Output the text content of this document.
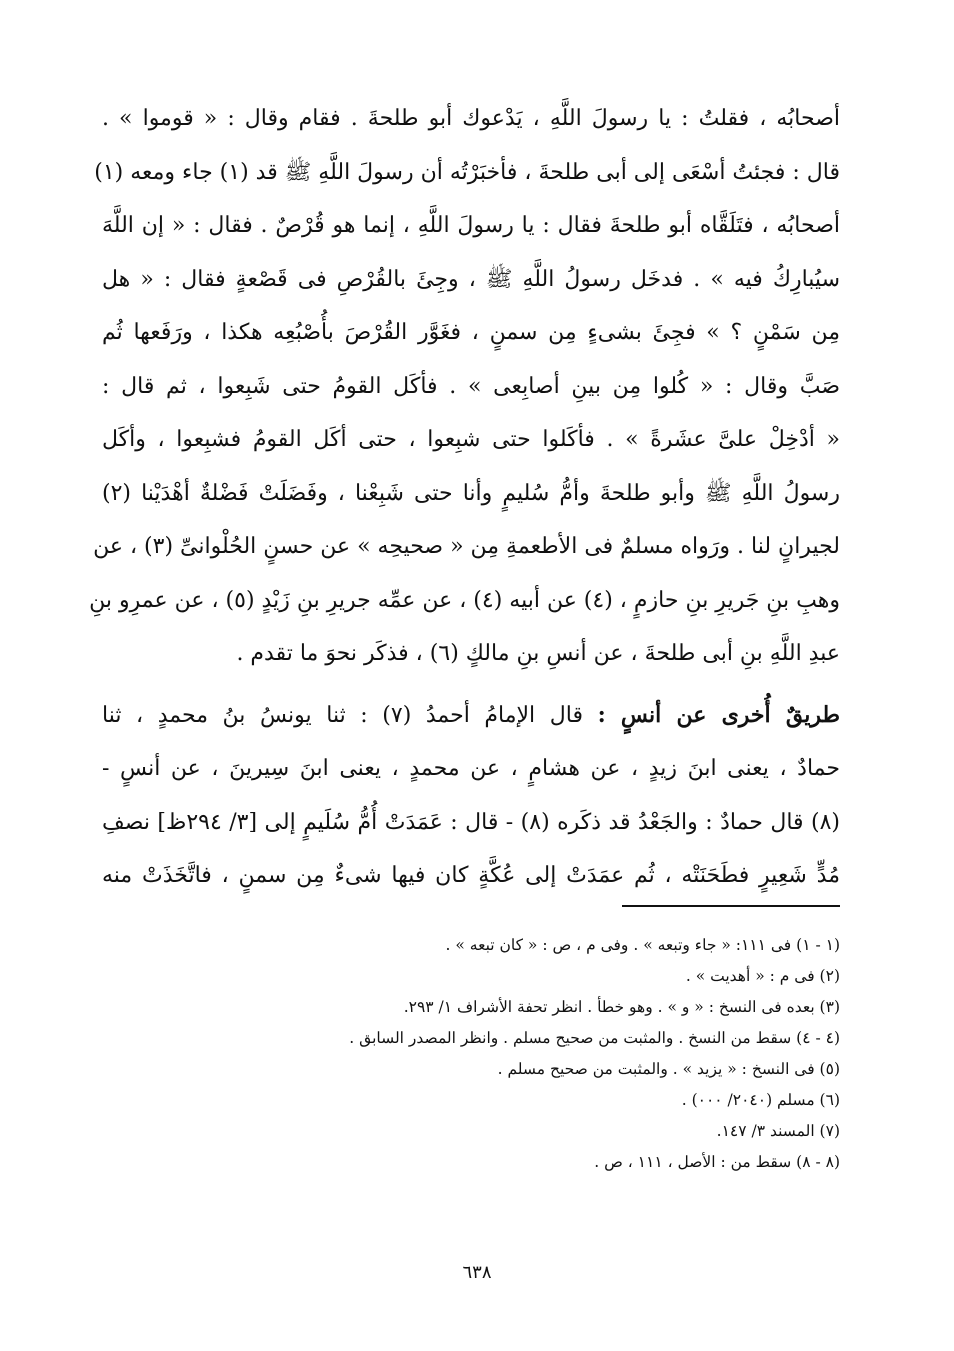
أصحابُه ، فقلتُ : يا رسولَ اللَّهِ ، يَدْعوك أبو طلحةَ . فقام وقال : « قوموا » .
قال : فجئتُ أسْعَى إلى أبى طلحةَ ، فأخبَرْتُه أن رسولَ اللَّهِ ﷺ قد (١) جاء ومعه (١)
أصحابُه ، فتَلَقَّاه أبو طلحةَ فقال : يا رسولَ اللَّهِ ، إنما هو قُرْصٌ . فقال : « إن اللَّهَ
سيُبارِكُ فيه » . فدخَل رسولُ اللَّهِ ﷺ ، وجِئَ بالقُرْصِ فى قَصْعةٍ فقال : « هل
مِن سَمْنٍ ؟ » فجِئَ بشىءٍ مِن سمنٍ ، فغَوَّر القُرْصَ بأُصْبُعِه هكذا ، ورَفَعها ثُم
صَبَّ وقال : « كُلوا مِن بينِ أصابِعى » . فأكَل القومُ حتى شَبِعوا ، ثم قال :
« أدْخِلْ علىَّ عشَرةً » . فأكَلوا حتى شبِعوا ، حتى أكَل القومُ فشبِعوا ، وأكَل
رسولُ اللَّهِ ﷺ وأبو طلحةَ وأمُّ سُليمٍ وأنا حتى شَبِعْنا ، وفَضَلَتْ فَضْلةٌ أهْدَيْنا (٢)
لجيرانٍ لنا . ورَواه مسلمٌ فى الأطعمةِ مِن « صحيحِه » عن حسنٍ الحُلْوانىِّ (٣) ، عن
وهبِ بنِ جَريرِ بنِ حازمٍ ، (٤) عن أبيه (٤) ، عن عمِّه جريرِ بنِ زَيْدٍ (٥) ، عن عمرِو بنِ
عبدِ اللَّهِ بنِ أبى طلحةَ ، عن أنسِ بنِ مالكٍ (٦) ، فذكَر نحوَ ما تقدم .
طريقٌ أُخرى عن أنسٍ : قال الإمامُ أحمدُ (٧) : ثنا يونسُ بنُ محمدٍ ، ثنا
حمادٌ ، يعنى ابنَ زيدٍ ، عن هشامٍ ، عن محمدٍ ، يعنى ابنَ سِيرينَ ، عن أنسٍ -
(٨) قال حمادٌ : والجَعْدُ قد ذكَره (٨) - قال : عَمَدَتْ أُمُّ سُلَيمٍ إلى [٣/ ٢٩٤ظ] نصفِ
مُدٍّ شَعِيرٍ فطَحَنَتْه ، ثُم عمَدَتْ إلى عُكَّةٍ كان فيها شىءٌ مِن سمنٍ ، فاتَّخَذَتْ منه
(١ - ١) فى ١١١: « جاء وتبعه » . وفى م ، ص : « كان تبعه » .
(٢) فى م : « أهديت » .
(٣) بعده فى النسخ : « و » . وهو خطأ . انظر تحفة الأشراف ١/ ٢٩٣.
(٤ - ٤) سقط من النسخ . والمثبت من صحيح مسلم . وانظر المصدر السابق .
(٥) فى النسخ : « يزيد » . والمثبت من صحيح مسلم .
(٦) مسلم (٢٠٤٠/ ٠٠٠) .
(٧) المسند ٣/ ١٤٧.
(٨ - ٨) سقط من : الأصل ، ١١١ ، ص .
٦٣٨
